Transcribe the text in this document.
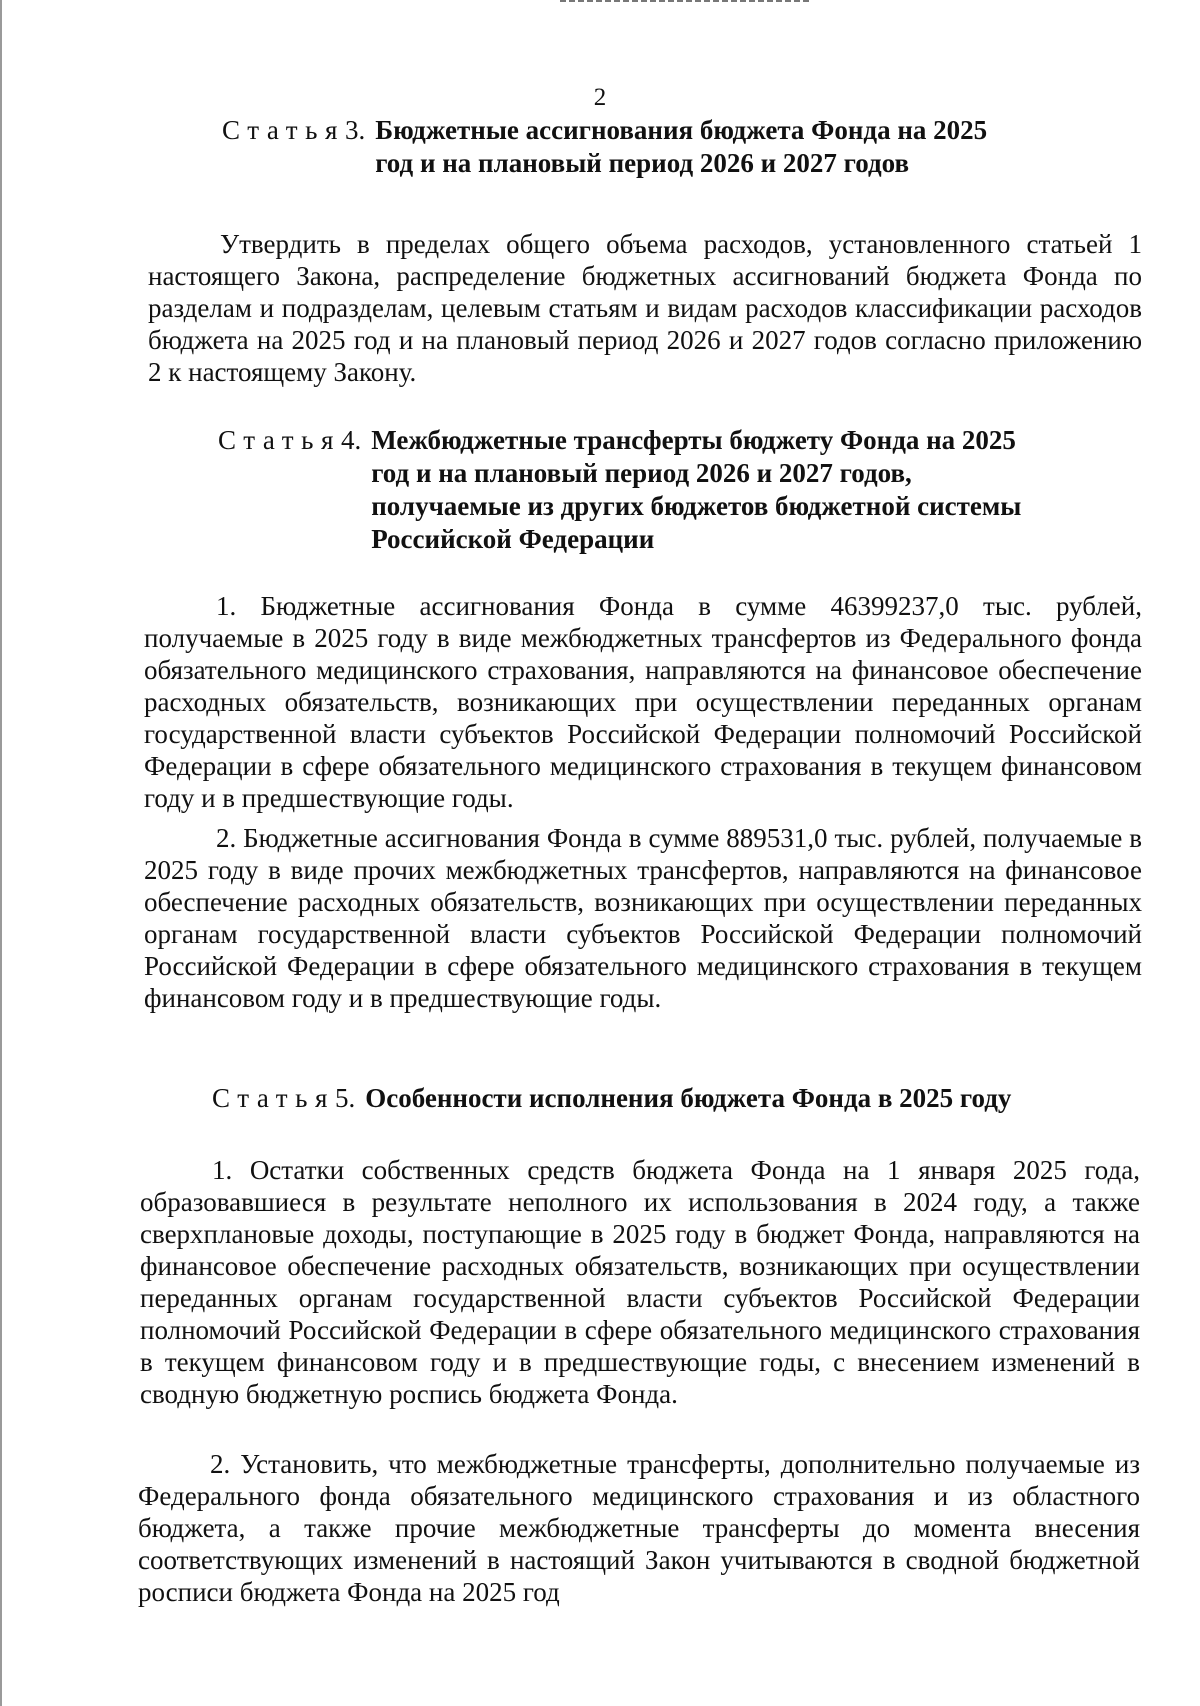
2
Статья 3. Бюджетные ассигнования бюджета Фонда на 2025 год и на плановый период 2026 и 2027 годов
Утвердить в пределах общего объема расходов, установленного статьей 1 настоящего Закона, распределение бюджетных ассигнований бюджета Фонда по разделам и подразделам, целевым статьям и видам расходов классификации расходов бюджета на 2025 год и на плановый период 2026 и 2027 годов согласно приложению 2 к настоящему Закону.
Статья 4. Межбюджетные трансферты бюджету Фонда на 2025 год и на плановый период 2026 и 2027 годов, получаемые из других бюджетов бюджетной системы Российской Федерации
1. Бюджетные ассигнования Фонда в сумме 46399237,0 тыс. рублей, получаемые в 2025 году в виде межбюджетных трансфертов из Федерального фонда обязательного медицинского страхования, направляются на финансовое обеспечение расходных обязательств, возникающих при осуществлении переданных органам государственной власти субъектов Российской Федерации полномочий Российской Федерации в сфере обязательного медицинского страхования в текущем финансовом году и в предшествующие годы.
2. Бюджетные ассигнования Фонда в сумме 889531,0 тыс. рублей, получаемые в 2025 году в виде прочих межбюджетных трансфертов, направляются на финансовое обеспечение расходных обязательств, возникающих при осуществлении переданных органам государственной власти субъектов Российской Федерации полномочий Российской Федерации в сфере обязательного медицинского страхования в текущем финансовом году и в предшествующие годы.
Статья 5. Особенности исполнения бюджета Фонда в 2025 году
1. Остатки собственных средств бюджета Фонда на 1 января 2025 года, образовавшиеся в результате неполного их использования в 2024 году, а также сверхплановые доходы, поступающие в 2025 году в бюджет Фонда, направляются на финансовое обеспечение расходных обязательств, возникающих при осуществлении переданных органам государственной власти субъектов Российской Федерации полномочий Российской Федерации в сфере обязательного медицинского страхования в текущем финансовом году и в предшествующие годы, с внесением изменений в сводную бюджетную роспись бюджета Фонда.
2. Установить, что межбюджетные трансферты, дополнительно получаемые из Федерального фонда обязательного медицинского страхования и из областного бюджета, а также прочие межбюджетные трансферты до момента внесения соответствующих изменений в настоящий Закон учитываются в сводной бюджетной росписи бюджета Фонда на 2025 год
